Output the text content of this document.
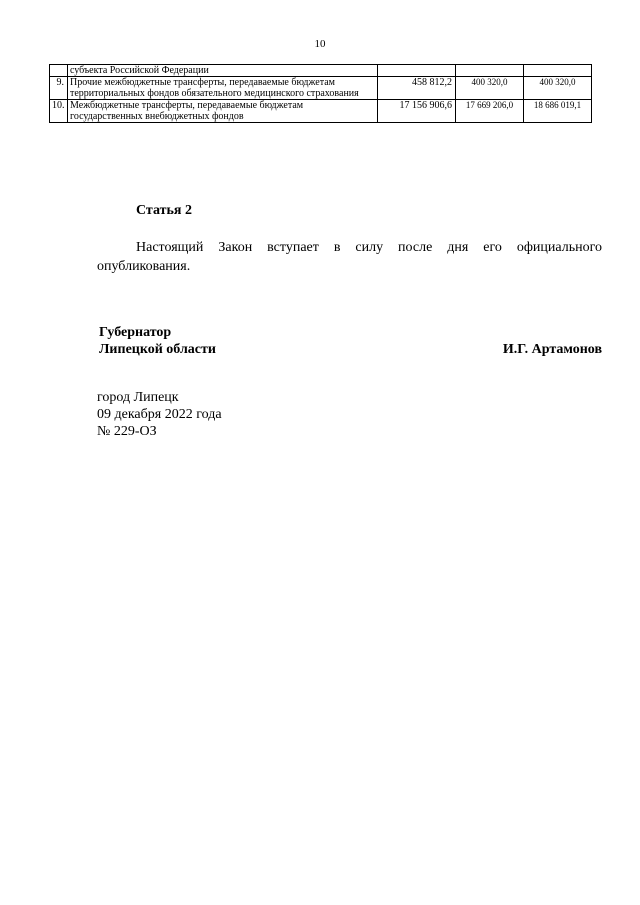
10
	субъекта Российской Федерации			
9.	Прочие межбюджетные трансферты, передаваемые бюджетам территориальных фондов обязательного медицинского страхования	458 812,2	400 320,0	400 320,0
10.	Межбюджетные трансферты, передаваемые бюджетам государственных внебюджетных фондов	17 156 906,6	17 669 206,0	18 686 019,1
Статья 2
Настоящий Закон вступает в силу после дня его официального
опубликования.
Губернатор
Липецкой области	И.Г. Артамонов
город Липецк
09 декабря 2022 года
№ 229-ОЗ
